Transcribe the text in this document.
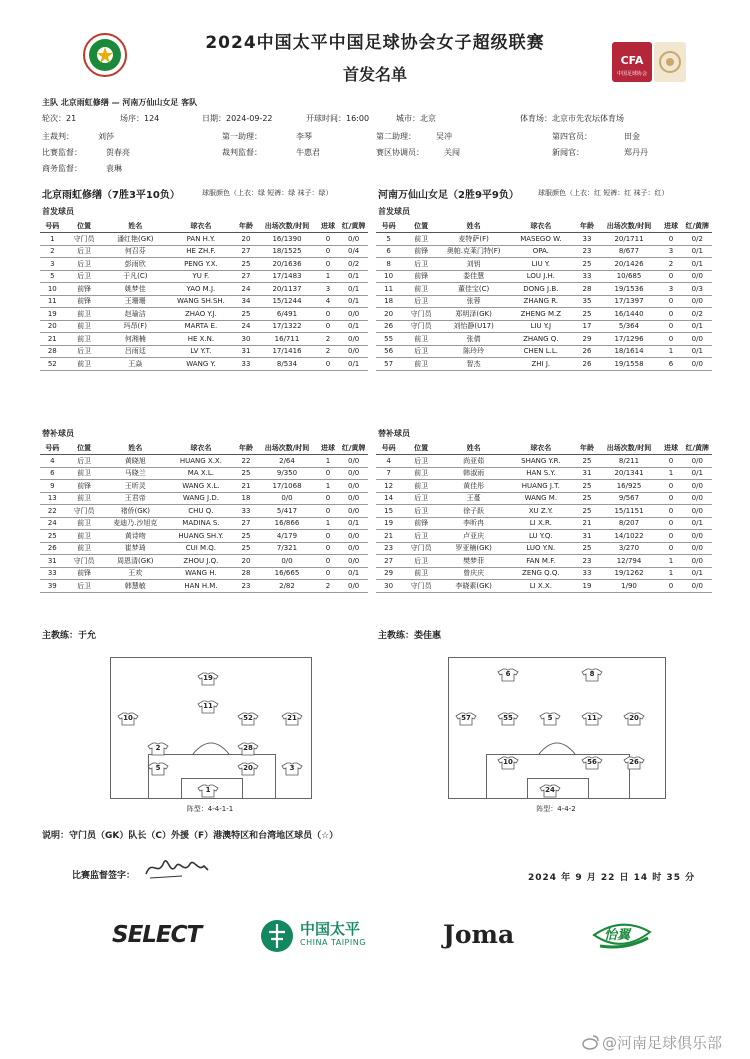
2024中国太平中国足球协会女子超级联赛
首发名单
CFA
中国足球协会
主队 北京雨虹修缮 — 河南万仙山女足 客队
轮次：21	场序：124	日期：2024-09-22	开球时间：16:00	城市：北京	体育场：北京市先农坛体育场
主裁判：	刘莎	第一助理：	李琴	第二助理：	吴冲	第四官员：	田金
比赛监督：	贺春亮	裁判监督：	牛惠君	赛区协调员：	关闯	新闻官：	郑丹丹
商务监督：	袁琳
北京雨虹修缮（7胜3平10负）	球服颜色（上衣：绿 短裤：绿 袜子：绿）	河南万仙山女足（2胜9平9负）	球服颜色（上衣：红 短裤：红 袜子：红）
首发球员	首发球员
号码	位置	姓名	球衣名	年龄	出场次数/时间	进球	红/黄牌
1	守门员	潘红艳(GK)	PAN H.Y.	20	16/1390	0	0/0
2	后卫	何召芬	HE ZH.F.	27	18/1525	0	0/4
3	后卫	彭雨欣	PENG Y.X.	25	20/1636	0	0/2
5	后卫	于凡(C)	YU F.	27	17/1483	1	0/1
10	前锋	姚梦佳	YAO M.J.	24	20/1137	3	0/1
11	前锋	王珊珊	WANG SH.SH.	34	15/1244	4	0/1
19	前卫	赵瑜洁	ZHAO Y.J.	25	6/491	0	0/0
20	前卫	玛昂(F)	MARTA E.	24	17/1322	0	0/1
21	前卫	何湘楠	HE X.N.	30	16/711	2	0/0
28	后卫	吕雨廷	LV Y.T.	31	17/1416	2	0/0
52	前卫	王焱	WANG Y.	33	8/534	0	0/1
号码	位置	姓名	球衣名	年龄	出场次数/时间	进球	红/黄牌
5	前卫	麦特萨(F)	MASEGO W.	33	20/1711	0	0/2
6	前锋	奥帕.克莱门特(F)	OPA.	23	8/677	3	0/1
8	后卫	刘钥	LIU Y.	25	20/1426	2	0/1
10	前锋	娄佳慧	LOU J.H.	33	10/685	0	0/0
11	前卫	董佳宝(C)	DONG J.B.	28	19/1536	3	0/3
18	后卫	张蓉	ZHANG R.	35	17/1397	0	0/0
20	守门员	郑明泽(GK)	ZHENG M.Z	25	16/1440	0	0/2
26	守门员	刘怡静(U17)	LIU Y.J	17	5/364	0	0/1
55	前卫	张倩	ZHANG Q.	29	17/1296	0	0/0
56	后卫	陈玲玲	CHEN L.L.	26	18/1614	1	0/1
57	前卫	智杰	ZHI J.	26	19/1558	6	0/0
替补球员	替补球员
号码	位置	姓名	球衣名	年龄	出场次数/时间	进球	红/黄牌
4	后卫	黄晓旭	HUANG X.X.	22	2/64	1	0/0
6	前卫	马晓兰	MA X.L.	25	9/350	0	0/0
9	前锋	王昕灵	WANG X.L.	21	17/1068	1	0/0
13	前卫	王君帝	WANG J.D.	18	0/0	0	0/0
22	守门员	褚侨(GK)	CHU Q.	33	5/417	0	0/0
24	前卫	麦迪乃.沙旭克	MADINA S.	27	16/866	1	0/1
25	前卫	黄诗吻	HUANG SH.Y.	25	4/179	0	0/0
26	前卫	崔梦琦	CUI M.Q.	25	7/321	0	0/0
31	守门员	周恩清(GK)	ZHOU J.Q.	20	0/0	0	0/0
33	前锋	王欢	WANG H.	28	16/665	0	0/1
39	后卫	韩慧敏	HAN H.M.	23	2/82	2	0/0
号码	位置	姓名	球衣名	年龄	出场次数/时间	进球	红/黄牌
4	后卫	尚亚茹	SHANG Y.R.	25	8/211	0	0/0
7	前卫	韩淑雨	HAN S.Y.	31	20/1341	1	0/1
12	前卫	黄佳彤	HUANG J.T.	25	16/925	0	0/0
14	后卫	王蔓	WANG M.	25	9/567	0	0/0
15	后卫	徐子跃	XU Z.Y.	25	15/1151	0	0/0
19	前锋	李昕冉	LI X.R.	21	8/207	0	0/1
21	后卫	卢亚庆	LU Y.Q.	31	14/1022	0	0/0
23	守门员	罗亚楠(GK)	LUO Y.N.	25	3/270	0	0/0
27	后卫	樊梦菲	FAN M.F.	23	12/794	1	0/0
29	前卫	曾庆庆	ZENG Q.Q.	33	19/1262	1	0/1
30	守门员	李晓素(GK)	LI X.X.	19	1/90	0	0/0
主教练：于允	主教练：娄佳惠
19
11
10
2
5
21
52
20
28
3
1
阵型：4-4-1-1
6	8
57	55	5	20
11
26
56
10
24
阵型：4-4-2
说明：守门员（GK）队长（C）外援（F）港澳特区和台湾地区球员（☆）
比赛监督签字：	2024 年 9 月 22 日 14 时 35 分
SELECT	中国太平
CHINA TAIPING	Joma	怡翼
@河南足球俱乐部
